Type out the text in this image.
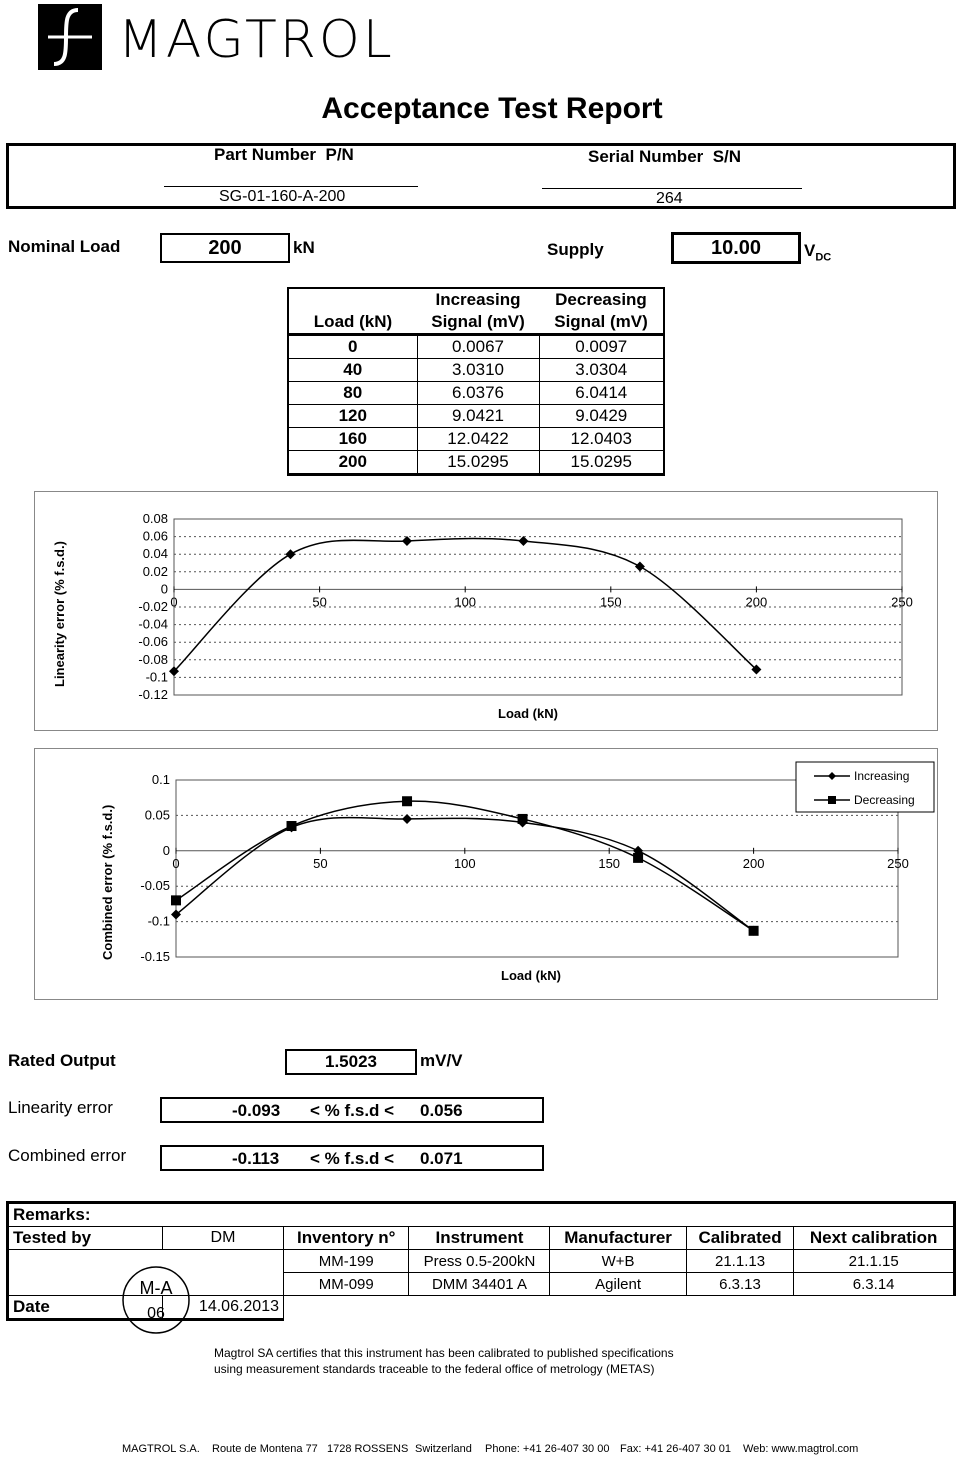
MAGTROL
Acceptance Test Report
Part Number P/N	Serial Number S/N
SG-01-160-A-200	264
Nominal Load	200	kN	Supply	10.00	$V_{DC}$
	Increasing	Decreasing
Load (kN)	Signal (mV)	Signal (mV)
0	0.0067	0.0097
40	3.0310	3.0304
80	6.0376	6.0414
120	9.0421	9.0429
160	12.0422	12.0403
200	15.0295	15.0295
0.08
0.06
0.04
0.02
0
-0.02
-0.04
-0.06
-0.08
-0.1
-0.12
0	50	100	150	200	250
Linearity error (% f.s.d.)
Load (kN)
0.1
0.05
0
-0.05
-0.1
-0.15
0	50	100	150	200	250
Combined error (% f.s.d.)
Load (kN)
Increasing
Decreasing
Rated Output	1.5023	mV/V
Linearity error	-0.093 < % f.s.d < 0.056
Combined error	-0.113 < % f.s.d < 0.071
Remarks:						
Tested by	DM	Inventory n°	Instrument	Manufacturer	Calibrated	Next calibration
		MM-199	Press 0.5-200kN	W+B	21.1.13	21.1.15
		MM-099	DMM 34401 A	Agilent	6.3.13	6.3.14
Date	14.06.2013					
M-A
06
Magtrol SA certifies that this instrument has been calibrated to published specifications
using measurement standards traceable to the federal office of metrology (METAS)
MAGTROL S.A. Route de Montena 77 1728 ROSSENS Switzerland Phone: +41 26-407 30 00 Fax: +41 26-407 30 01 Web: www.magtrol.com
